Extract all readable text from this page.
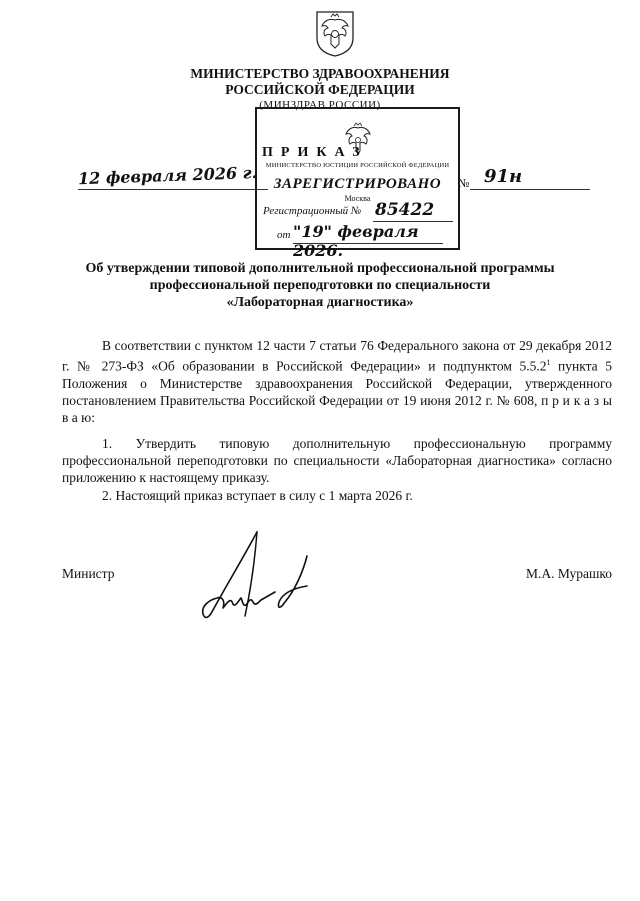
МИНИСТЕРСТВО ЗДРАВООХРАНЕНИЯ
РОССИЙСКОЙ ФЕДЕРАЦИИ
(МИНЗДРАВ РОССИИ)
12 февраля 2026 г.	№ 91н
МИНИСТЕРСТВО ЮСТИЦИИ РОССИЙСКОЙ ФЕДЕРАЦИИ
ЗАРЕГИСТРИРОВАНО
Москва
Регистрационный № 85422
от "19" февраля 2026.
ПРИКАЗ
Об утверждении типовой дополнительной профессиональной программы
профессиональной переподготовки по специальности
«Лабораторная диагностика»
В соответствии с пунктом 12 части 7 статьи 76 Федерального закона от 29 декабря 2012 г. № 273-ФЗ «Об образовании в Российской Федерации» и подпунктом 5.5.2$^1$ пункта 5 Положения о Министерстве здравоохранения Российской Федерации, утвержденного постановлением Правительства Российской Федерации от 19 июня 2012 г. № 608, п р и к а з ы в а ю:
1. Утвердить типовую дополнительную профессиональную программу профессиональной переподготовки по специальности «Лабораторная диагностика» согласно приложению к настоящему приказу.
2. Настоящий приказ вступает в силу с 1 марта 2026 г.
Министр	М.А. Мурашко
